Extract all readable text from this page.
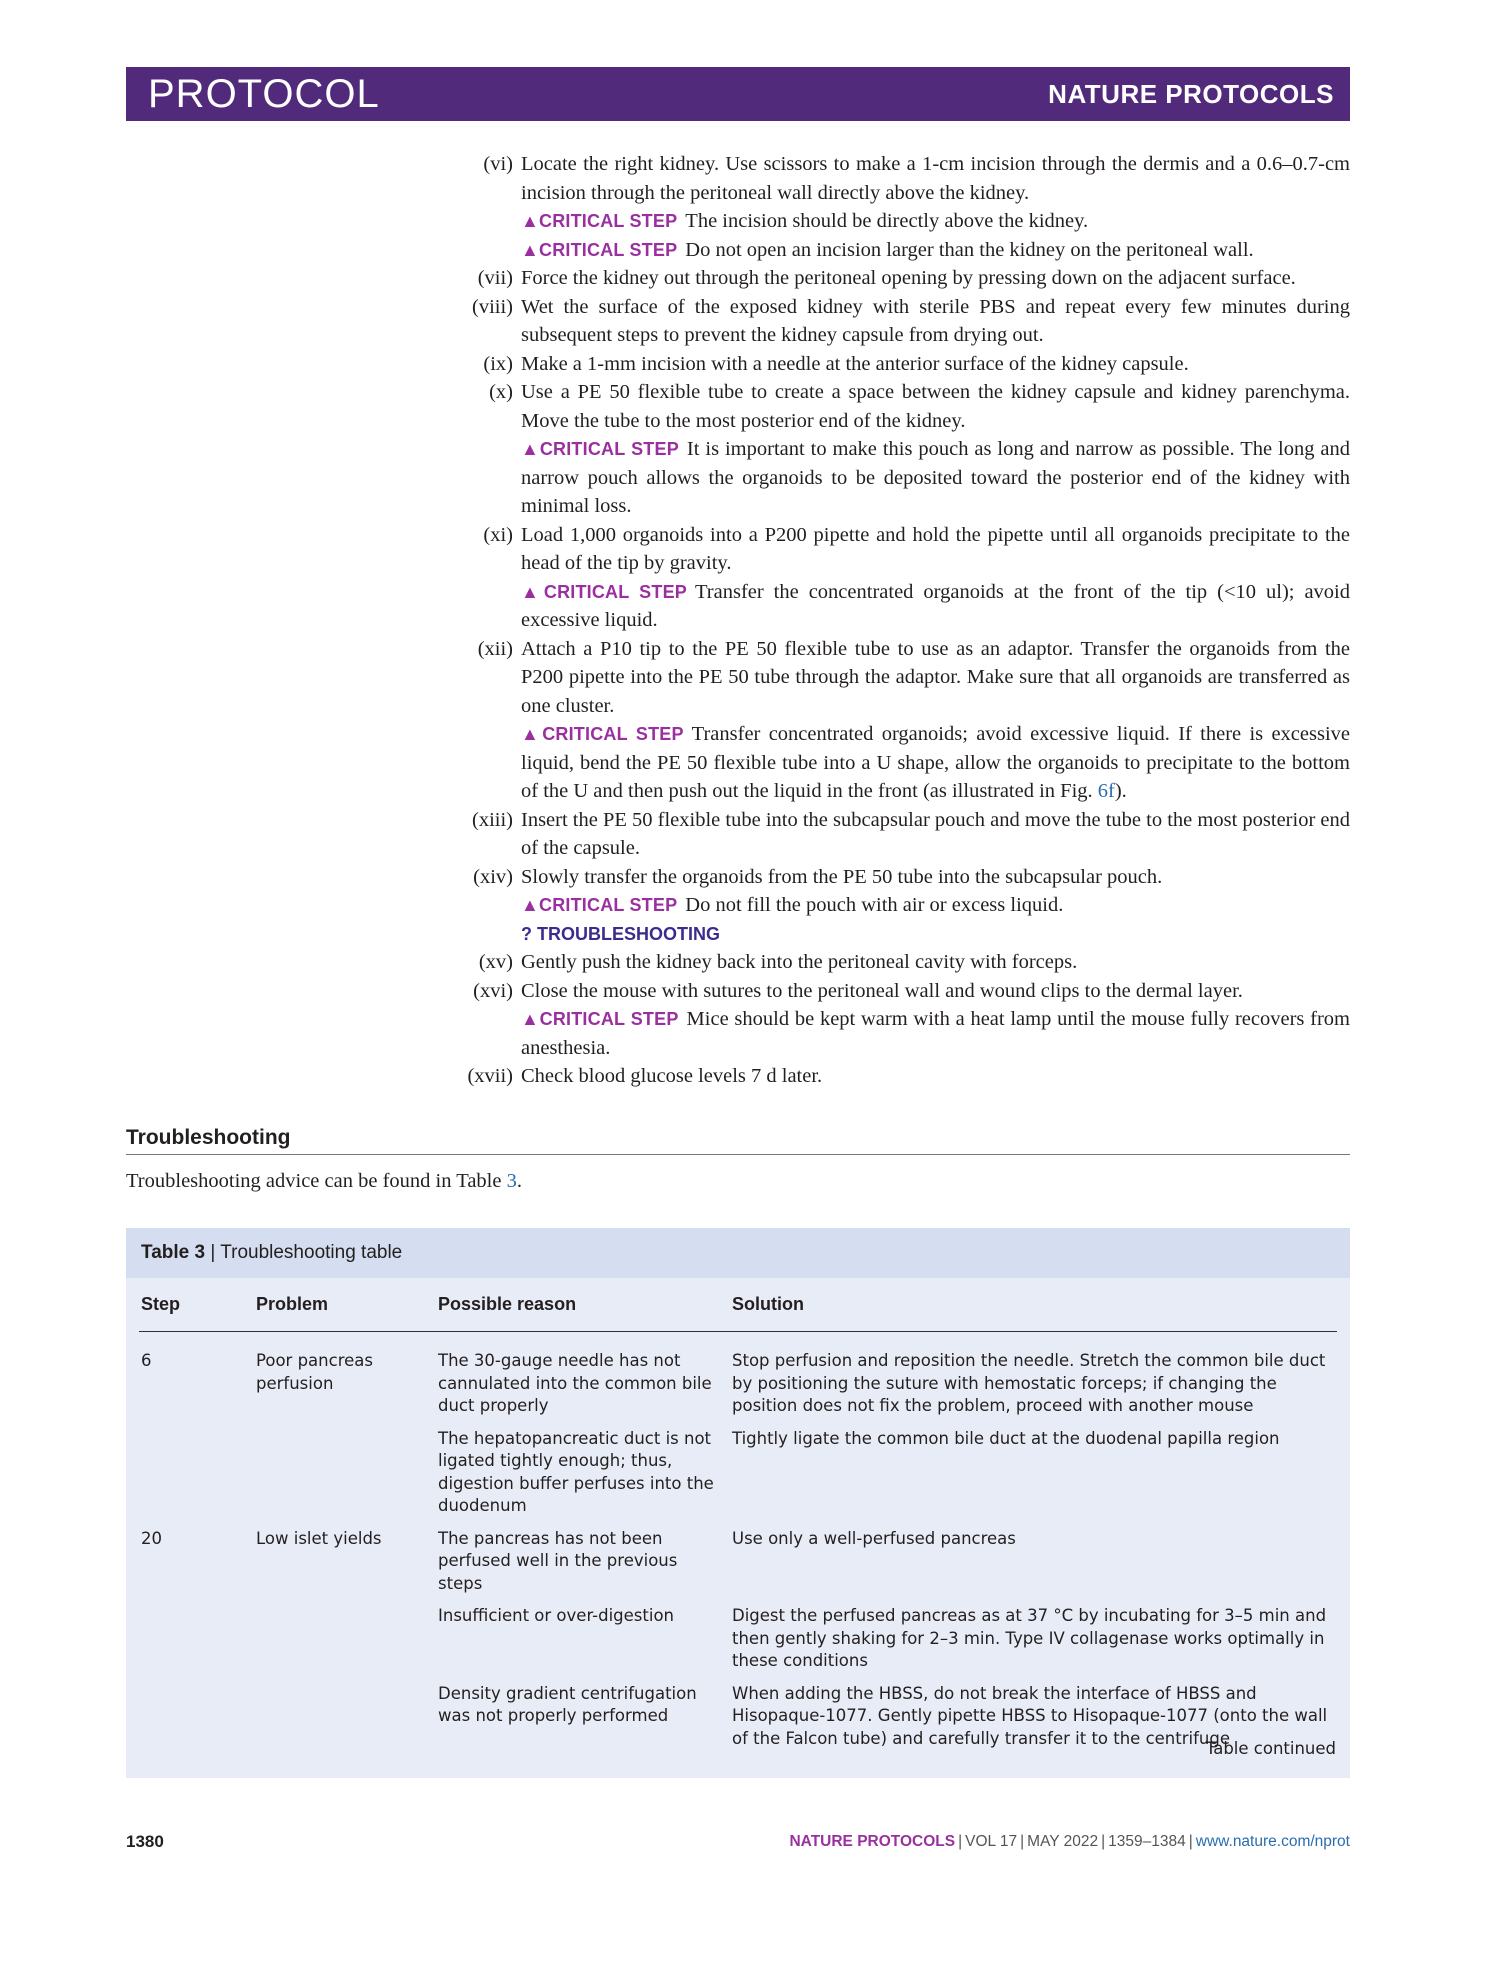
PROTOCOL	NATURE PROTOCOLS
(vi) Locate the right kidney. Use scissors to make a 1-cm incision through the dermis and a 0.6–0.7-cm incision through the peritoneal wall directly above the kidney.
▲CRITICAL STEP The incision should be directly above the kidney.
▲CRITICAL STEP Do not open an incision larger than the kidney on the peritoneal wall.
(vii) Force the kidney out through the peritoneal opening by pressing down on the adjacent surface.
(viii) Wet the surface of the exposed kidney with sterile PBS and repeat every few minutes during subsequent steps to prevent the kidney capsule from drying out.
(ix) Make a 1-mm incision with a needle at the anterior surface of the kidney capsule.
(x) Use a PE 50 flexible tube to create a space between the kidney capsule and kidney parenchyma. Move the tube to the most posterior end of the kidney.
▲CRITICAL STEP It is important to make this pouch as long and narrow as possible. The long and narrow pouch allows the organoids to be deposited toward the posterior end of the kidney with minimal loss.
(xi) Load 1,000 organoids into a P200 pipette and hold the pipette until all organoids precipitate to the head of the tip by gravity.
▲CRITICAL STEP Transfer the concentrated organoids at the front of the tip (<10 ul); avoid excessive liquid.
(xii) Attach a P10 tip to the PE 50 flexible tube to use as an adaptor. Transfer the organoids from the P200 pipette into the PE 50 tube through the adaptor. Make sure that all organoids are transferred as one cluster.
▲CRITICAL STEP Transfer concentrated organoids; avoid excessive liquid. If there is excessive liquid, bend the PE 50 flexible tube into a U shape, allow the organoids to precipitate to the bottom of the U and then push out the liquid in the front (as illustrated in Fig. 6f).
(xiii) Insert the PE 50 flexible tube into the subcapsular pouch and move the tube to the most posterior end of the capsule.
(xiv) Slowly transfer the organoids from the PE 50 tube into the subcapsular pouch.
▲CRITICAL STEP Do not fill the pouch with air or excess liquid.
? TROUBLESHOOTING
(xv) Gently push the kidney back into the peritoneal cavity with forceps.
(xvi) Close the mouse with sutures to the peritoneal wall and wound clips to the dermal layer.
▲CRITICAL STEP Mice should be kept warm with a heat lamp until the mouse fully recovers from anesthesia.
(xvii) Check blood glucose levels 7 d later.
Troubleshooting
Troubleshooting advice can be found in Table 3.
Table 3 | Troubleshooting table
Step	Problem	Possible reason	Solution
6	Poor pancreas perfusion	The 30-gauge needle has not cannulated into the common bile duct properly	Stop perfusion and reposition the needle. Stretch the common bile duct by positioning the suture with hemostatic forceps; if changing the position does not fix the problem, proceed with another mouse
		The hepatopancreatic duct is not ligated tightly enough; thus, digestion buffer perfuses into the duodenum	Tightly ligate the common bile duct at the duodenal papilla region
20	Low islet yields	The pancreas has not been perfused well in the previous steps	Use only a well-perfused pancreas
		Insufficient or over-digestion	Digest the perfused pancreas as at 37 °C by incubating for 3–5 min and then gently shaking for 2–3 min. Type IV collagenase works optimally in these conditions
		Density gradient centrifugation was not properly performed	When adding the HBSS, do not break the interface of HBSS and Hisopaque-1077. Gently pipette HBSS to Hisopaque-1077 (onto the wall of the Falcon tube) and carefully transfer it to the centrifuge
Table continued
1380	NATURE PROTOCOLS | VOL 17 | MAY 2022 | 1359–1384 | www.nature.com/nprot
